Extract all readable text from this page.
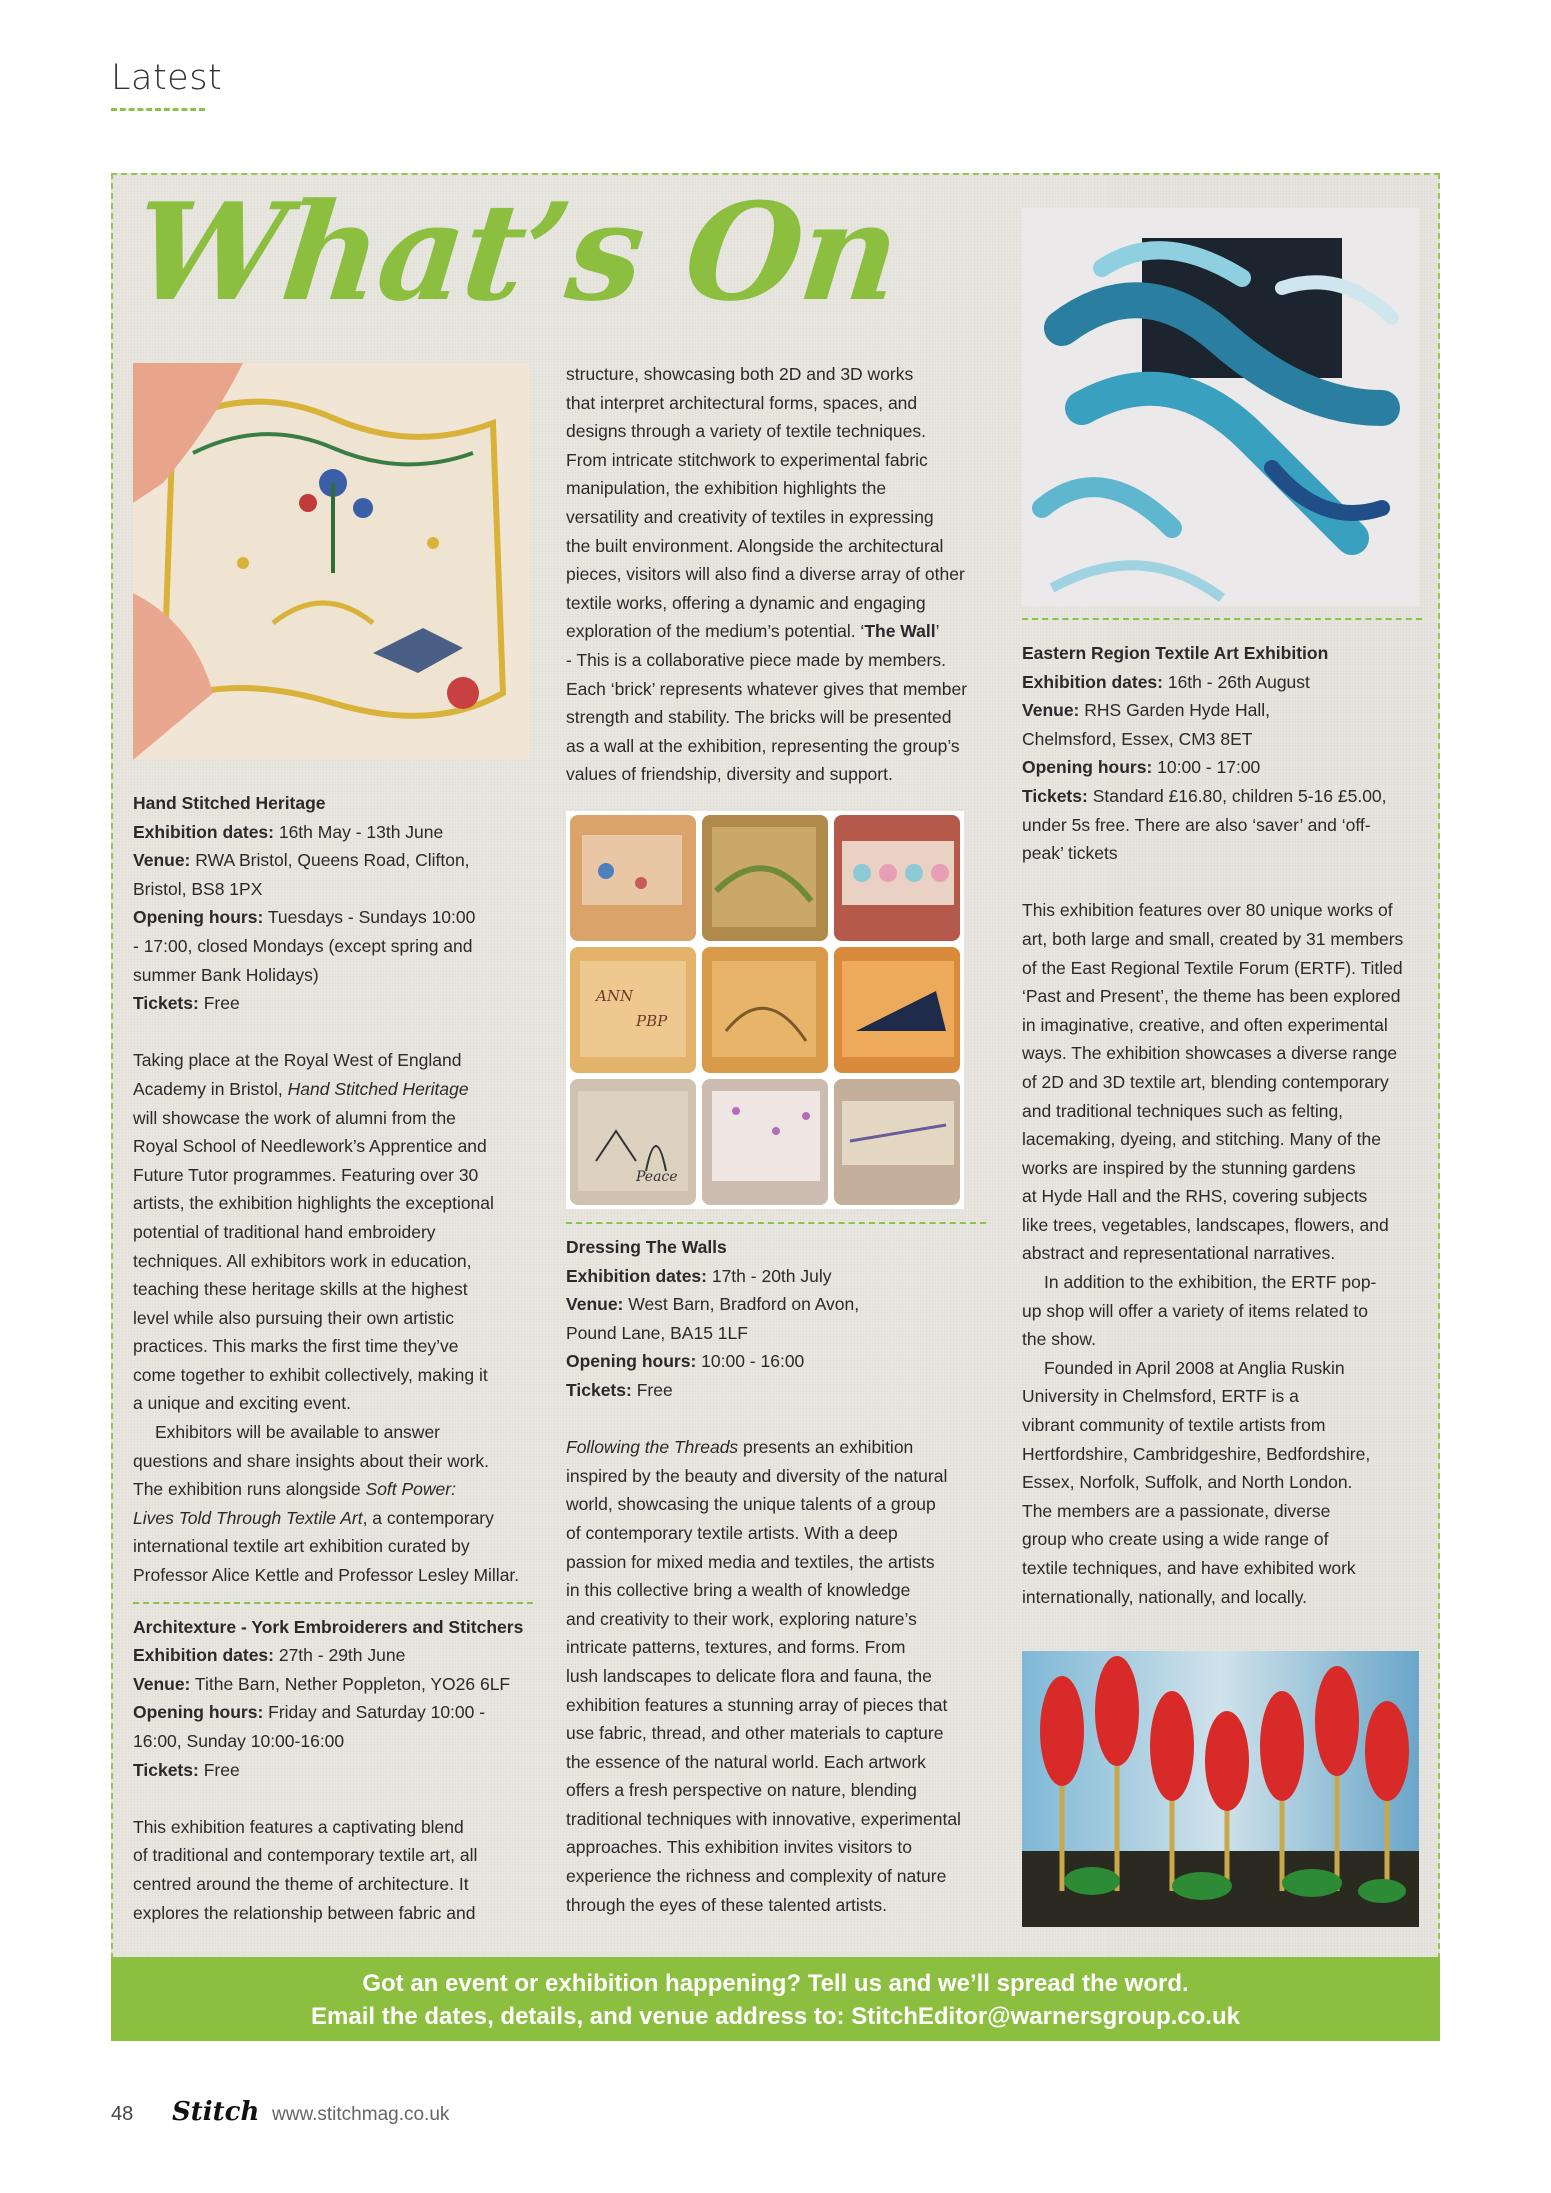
Latest
What’s On
ANN
PBP
Peace

Hand Stitched Heritage

Exhibition dates: 16th May - 13th June

Venue: RWA Bristol, Queens Road, Clifton,

Bristol, BS8 1PX

Opening hours: Tuesdays - Sundays 10:00

- 17:00, closed Mondays (except spring and

summer Bank Holidays)

Tickets: Free

Taking place at the Royal West of England

Academy in Bristol, Hand Stitched Heritage

will showcase the work of alumni from the

Royal School of Needlework’s Apprentice and

Future Tutor programmes. Featuring over 30

artists, the exhibition highlights the exceptional

potential of traditional hand embroidery

techniques. All exhibitors work in education,

teaching these heritage skills at the highest

level while also pursuing their own artistic

practices. This marks the first time they’ve

come together to exhibit collectively, making it

a unique and exciting event.

Exhibitors will be available to answer

questions and share insights about their work.

The exhibition runs alongside Soft Power:

Lives Told Through Textile Art, a contemporary

international textile art exhibition curated by

Professor Alice Kettle and Professor Lesley Millar.

Architexture - York Embroiderers and Stitchers

Exhibition dates: 27th - 29th June

Venue: Tithe Barn, Nether Poppleton, YO26 6LF

Opening hours: Friday and Saturday 10:00 -

16:00, Sunday 10:00-16:00

Tickets: Free

This exhibition features a captivating blend

of traditional and contemporary textile art, all

centred around the theme of architecture. It

explores the relationship between fabric and

structure, showcasing both 2D and 3D works

that interpret architectural forms, spaces, and

designs through a variety of textile techniques.

From intricate stitchwork to experimental fabric

manipulation, the exhibition highlights the

versatility and creativity of textiles in expressing

the built environment. Alongside the architectural

pieces, visitors will also find a diverse array of other

textile works, offering a dynamic and engaging

exploration of the medium’s potential. ‘The Wall’

- This is a collaborative piece made by members.

Each ‘brick’ represents whatever gives that member

strength and stability. The bricks will be presented

as a wall at the exhibition, representing the group’s

values of friendship, diversity and support.

Dressing The Walls

Exhibition dates: 17th - 20th July

Venue: West Barn, Bradford on Avon,

Pound Lane, BA15 1LF

Opening hours: 10:00 - 16:00

Tickets: Free

Following the Threads presents an exhibition

inspired by the beauty and diversity of the natural

world, showcasing the unique talents of a group

of contemporary textile artists. With a deep

passion for mixed media and textiles, the artists

in this collective bring a wealth of knowledge

and creativity to their work, exploring nature’s

intricate patterns, textures, and forms. From

lush landscapes to delicate flora and fauna, the

exhibition features a stunning array of pieces that

use fabric, thread, and other materials to capture

the essence of the natural world. Each artwork

offers a fresh perspective on nature, blending

traditional techniques with innovative, experimental

approaches. This exhibition invites visitors to

experience the richness and complexity of nature

through the eyes of these talented artists.

Eastern Region Textile Art Exhibition

Exhibition dates: 16th - 26th August

Venue: RHS Garden Hyde Hall,

Chelmsford, Essex, CM3 8ET

Opening hours: 10:00 - 17:00

Tickets: Standard £16.80, children 5-16 £5.00,

under 5s free. There are also ‘saver’ and ‘off-

peak’ tickets

This exhibition features over 80 unique works of

art, both large and small, created by 31 members

of the East Regional Textile Forum (ERTF). Titled

‘Past and Present’, the theme has been explored

in imaginative, creative, and often experimental

ways. The exhibition showcases a diverse range

of 2D and 3D textile art, blending contemporary

and traditional techniques such as felting,

lacemaking, dyeing, and stitching. Many of the

works are inspired by the stunning gardens

at Hyde Hall and the RHS, covering subjects

like trees, vegetables, landscapes, flowers, and

abstract and representational narratives.

In addition to the exhibition, the ERTF pop-

up shop will offer a variety of items related to

the show.

Founded in April 2008 at Anglia Ruskin

University in Chelmsford, ERTF is a

vibrant community of textile artists from

Hertfordshire, Cambridgeshire, Bedfordshire,

Essex, Norfolk, Suffolk, and North London.

The members are a passionate, diverse

group who create using a wide range of

textile techniques, and have exhibited work

internationally, nationally, and locally.

Got an event or exhibition happening? Tell us and we’ll spread the word.
Email the dates, details, and venue address to: StitchEditor@warnersgroup.co.uk
48 Stitch www.stitchmag.co.uk
